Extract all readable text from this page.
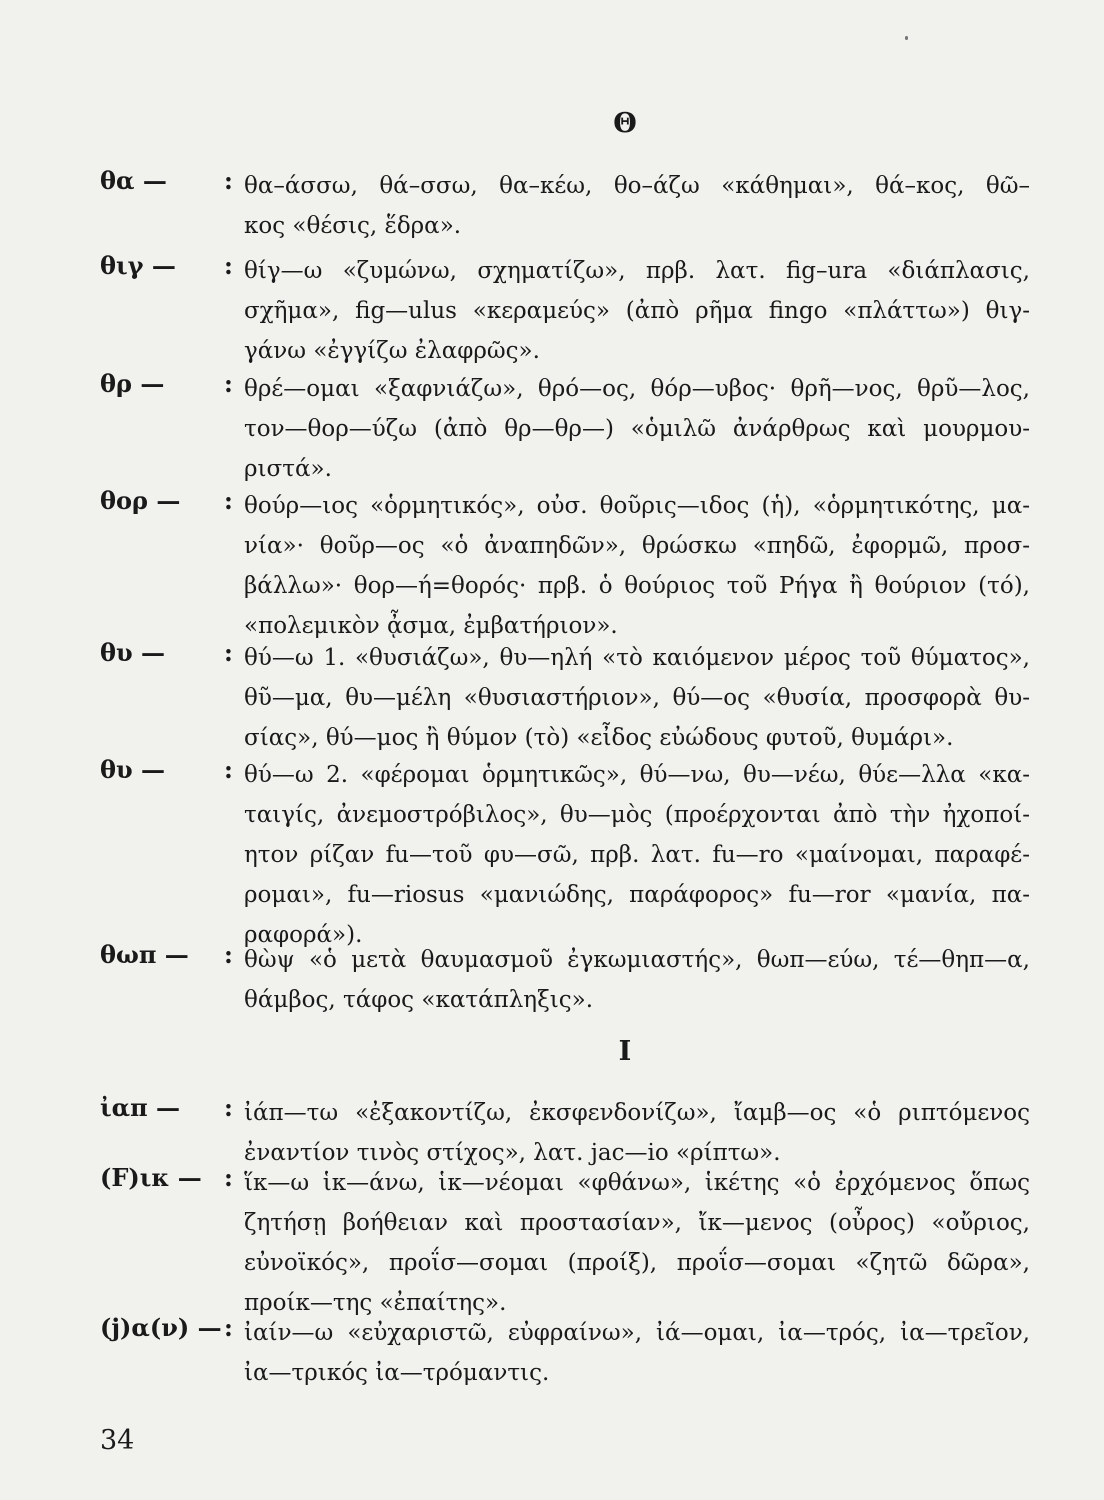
Θ
θα —	: θα–άσσω, θά–σσω, θα–κέω, θο–άζω «κάθημαι», θά–κος, θῶ–
κος «θέσις, ἕδρα».
θιγ —	: θίγ—ω «ζυμώνω, σχηματίζω», πρβ. λατ. fig–ura «διάπλασις,
σχῆμα», fig—ulus «κεραμεύς» (ἀπὸ ρῆμα fingo «πλάττω») θιγ-
γάνω «ἐγγίζω ἐλαφρῶς».
θρ —	: θρέ—ομαι «ξαφνιάζω», θρό—ος, θόρ—υβος· θρῆ—νος, θρῦ—λος,
τον—θορ—ύζω (ἀπὸ θρ—θρ—) «ὁμιλῶ ἀνάρθρως καὶ μουρμου-
ριστά».
θορ —	: θούρ—ιος «ὁρμητικός», οὐσ. θοῦρις—ιδος (ἡ), «ὁρμητικότης, μα-
νία»· θοῦρ—ος «ὁ ἀναπηδῶν», θρώσκω «πηδῶ, ἐφορμῶ, προσ-
βάλλω»· θορ—ή=θορός· πρβ. ὁ θούριος τοῦ Ρήγα ἢ θούριον (τό),
«πολεμικὸν ᾆσμα, ἐμβατήριον».
θυ —	: θύ—ω 1. «θυσιάζω», θυ—ηλή «τὸ καιόμενον μέρος τοῦ θύματος»,
θῦ—μα, θυ—μέλη «θυσιαστήριον», θύ—ος «θυσία, προσφορὰ θυ-
σίας», θύ—μος ἢ θύμον (τὸ) «εἶδος εὐώδους φυτοῦ, θυμάρι».
θυ —	: θύ—ω 2. «φέρομαι ὁρμητικῶς», θύ—νω, θυ—νέω, θύε—λλα «κα-
ταιγίς, ἀνεμοστρόβιλος», θυ—μὸς (προέρχονται ἀπὸ τὴν ἠχοποί-
ητον ρίζαν fu—τοῦ φυ—σῶ, πρβ. λατ. fu—ro «μαίνομαι, παραφέ-
ρομαι», fu—riosus «μανιώδης, παράφορος» fu—ror «μανία, πα-
ραφορά»).
θωπ —	: θὼψ «ὁ μετὰ θαυμασμοῦ ἐγκωμιαστής», θωπ—εύω, τέ—θηπ—α,
θάμβος, τάφος «κατάπληξις».
Ι
ἰαπ —	: ἰάπ—τω «ἐξακοντίζω, ἐκσφενδονίζω», ἴαμβ—ος «ὁ ριπτόμενος
ἐναντίον τινὸς στίχος», λατ. jac—io «ρίπτω».
(F)ικ — : ἵκ—ω ἱκ—άνω, ἱκ—νέομαι «φθάνω», ἱκέτης «ὁ ἐρχόμενος ὅπως
ζητήσῃ βοήθειαν καὶ προστασίαν», ἴκ—μενος (οὖρος) «οὔριος,
εὐνοϊκός», προΐσ—σομαι (προίξ), προΐσ—σομαι «ζητῶ δῶρα»,
προίκ—της «ἐπαίτης».
(j)α(ν) — : ἰαίν—ω «εὐχαριστῶ, εὐφραίνω», ἰά—ομαι, ἰα—τρός, ἰα—τρεῖον,
ἰα—τρικός ἰα—τρόμαντις.
34
